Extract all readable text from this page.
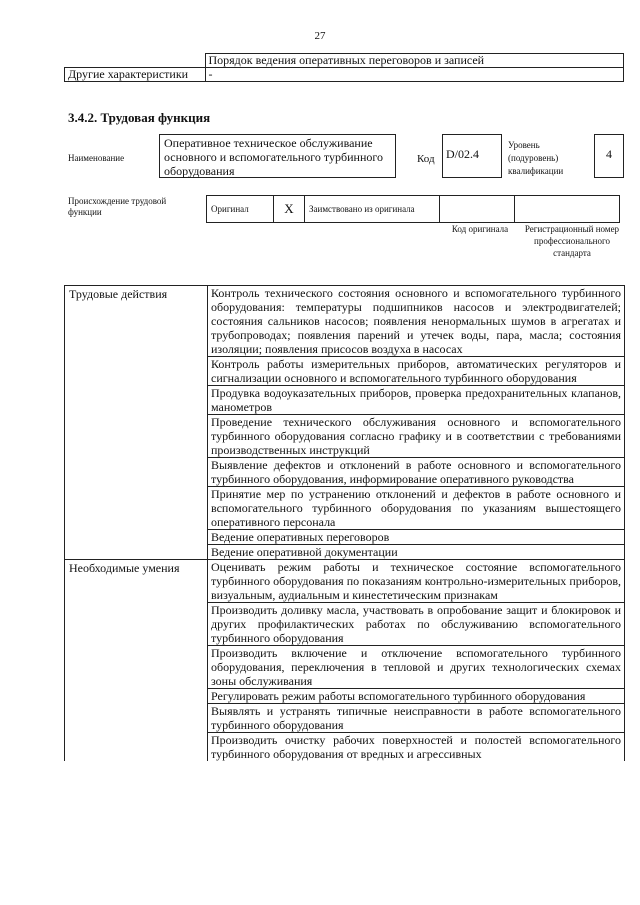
27
	Порядок ведения оперативных переговоров и записей
Другие характеристики	-
3.4.2. Трудовая функция
Наименование
Оперативное техническое обслуживание основного и вспомогательного турбинного оборудования
Код D/02.4
Уровень (подуровень) квалификации
4
Происхождение трудовой функции	Оригинал	X	Заимствовано из оригинала		
Код оригинала	Регистрационный номер профессионального стандарта
Трудовые действия	Контроль технического состояния основного и вспомогательного турбинного оборудования: температуры подшипников насосов и электродвигателей; состояния сальников насосов; появления ненормальных шумов в агрегатах и трубопроводах; появления парений и утечек воды, пара, масла; состояния изоляции; появления присосов воздуха в насосах
	Контроль работы измерительных приборов, автоматических регуляторов и сигнализации основного и вспомогательного турбинного оборудования
	Продувка водоуказательных приборов, проверка предохранительных клапанов, манометров
	Проведение технического обслуживания основного и вспомогательного турбинного оборудования согласно графику и в соответствии с требованиями производственных инструкций
	Выявление дефектов и отклонений в работе основного и вспомогательного турбинного оборудования, информирование оперативного руководства
	Принятие мер по устранению отклонений и дефектов в работе основного и вспомогательного турбинного оборудования по указаниям вышестоящего оперативного персонала
	Ведение оперативных переговоров
	Ведение оперативной документации
Необходимые умения	Оценивать режим работы и техническое состояние вспомогательного турбинного оборудования по показаниям контрольно-измерительных приборов, визуальным, аудиальным и кинестетическим признакам
	Производить доливку масла, участвовать в опробование защит и блокировок и других профилактических работах по обслуживанию вспомогательного турбинного оборудования
	Производить включение и отключение вспомогательного турбинного оборудования, переключения в тепловой и других технологических схемах зоны обслуживания
	Регулировать режим работы вспомогательного турбинного оборудования
	Выявлять и устранять типичные неисправности в работе вспомогательного турбинного оборудования
	Производить очистку рабочих поверхностей и полостей вспомогательного турбинного оборудования от вредных и агрессивных
